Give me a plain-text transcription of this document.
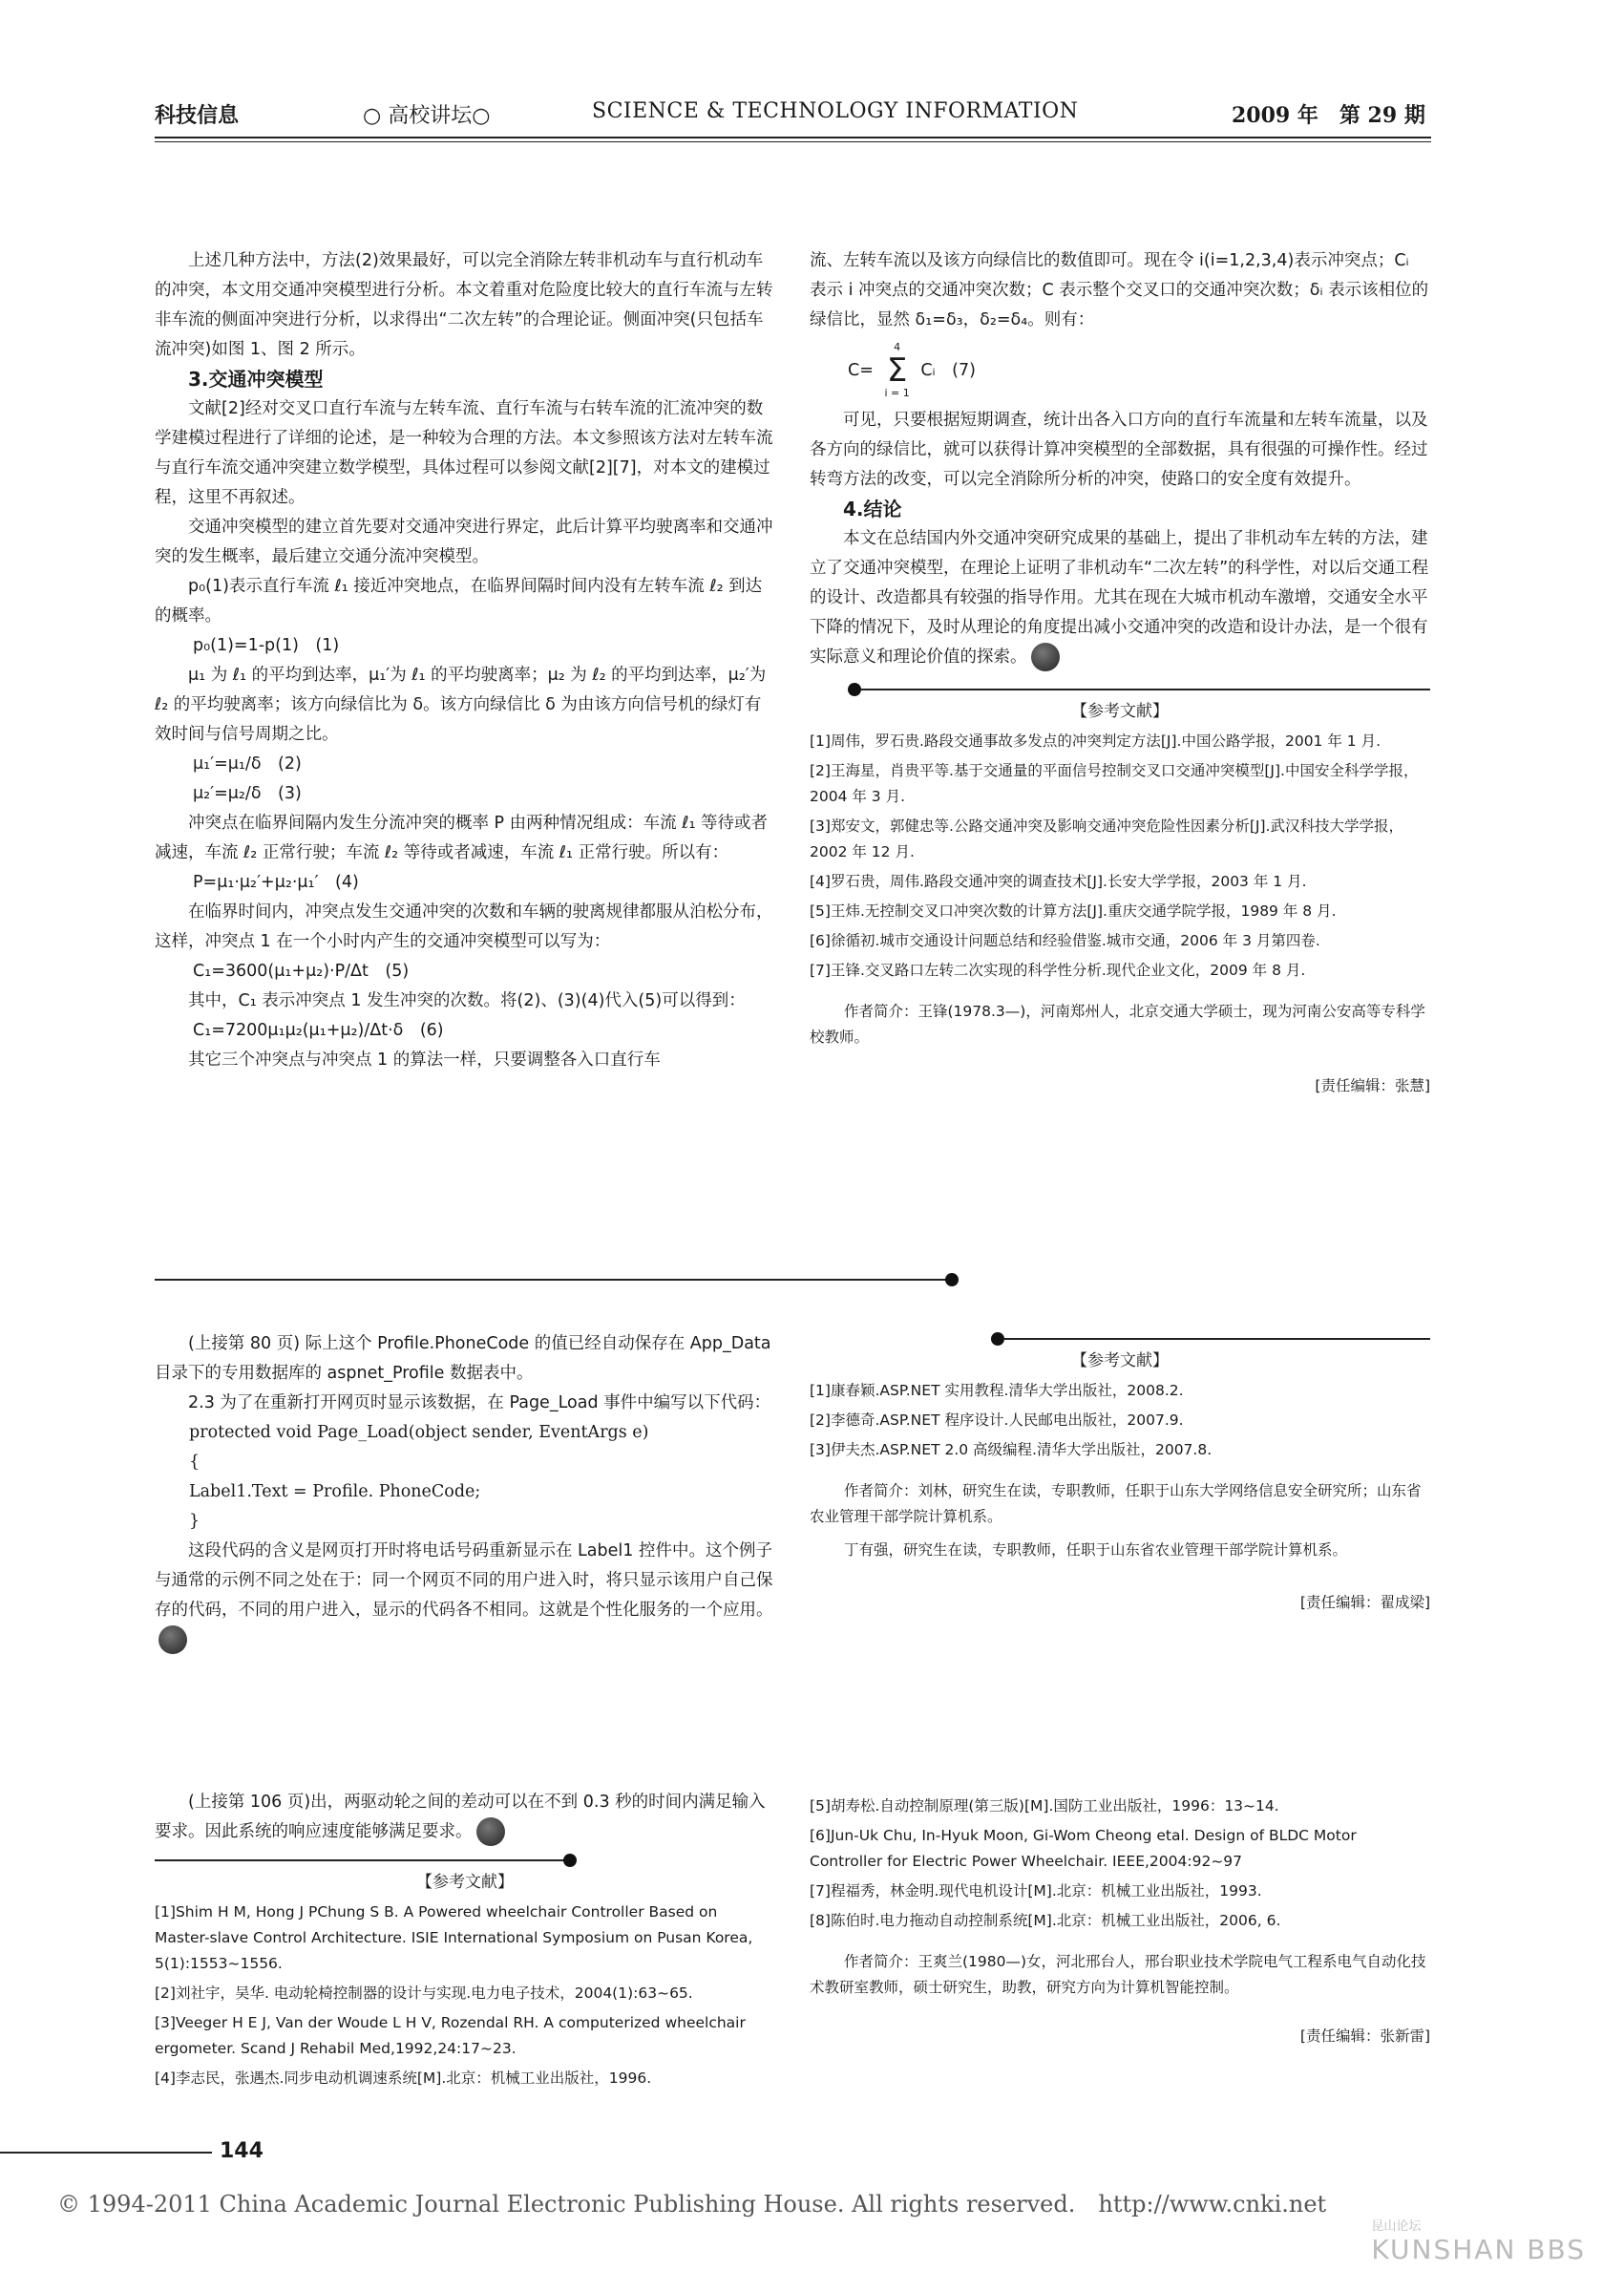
科技信息	○ 高校讲坛○	SCIENCE & TECHNOLOGY INFORMATION	2009 年　第 29 期

上述几种方法中，方法(2)效果最好，可以完全消除左转非机动车与直行机动车的冲突，本文用交通冲突模型进行分析。本文着重对危险度比较大的直行车流与左转非车流的侧面冲突进行分析，以求得出“二次左转”的合理论证。侧面冲突(只包括车流冲突)如图 1、图 2 所示。

3.交通冲突模型

文献[2]经对交叉口直行车流与左转车流、直行车流与右转车流的汇流冲突的数学建模过程进行了详细的论述，是一种较为合理的方法。本文参照该方法对左转车流与直行车流交通冲突建立数学模型，具体过程可以参阅文献[2][7]，对本文的建模过程，这里不再叙述。

交通冲突模型的建立首先要对交通冲突进行界定，此后计算平均驶离率和交通冲突的发生概率，最后建立交通分流冲突模型。

p₀(1)表示直行车流 ℓ₁ 接近冲突地点，在临界间隔时间内没有左转车流 ℓ₂ 到达的概率。

p₀(1)=1-p(1)　(1)

μ₁ 为 ℓ₁ 的平均到达率，μ₁′为 ℓ₁ 的平均驶离率；μ₂ 为 ℓ₂ 的平均到达率，μ₂′为 ℓ₂ 的平均驶离率；该方向绿信比为 δ。该方向绿信比 δ 为由该方向信号机的绿灯有效时间与信号周期之比。

μ₁′=μ₁/δ　(2)

μ₂′=μ₂/δ　(3)

冲突点在临界间隔内发生分流冲突的概率 P 由两种情况组成：车流 ℓ₁ 等待或者减速，车流 ℓ₂ 正常行驶；车流 ℓ₂ 等待或者减速，车流 ℓ₁ 正常行驶。所以有：

P=μ₁·μ₂′+μ₂·μ₁′　(4)

在临界时间内，冲突点发生交通冲突的次数和车辆的驶离规律都服从泊松分布，这样，冲突点 1 在一个小时内产生的交通冲突模型可以写为：

C₁=3600(μ₁+μ₂)·P/Δt　(5)

其中，C₁ 表示冲突点 1 发生冲突的次数。将(2)、(3)(4)代入(5)可以得到：

C₁=7200μ₁μ₂(μ₁+μ₂)/Δt·δ　(6)

其它三个冲突点与冲突点 1 的算法一样，只要调整各入口直行车

流、左转车流以及该方向绿信比的数值即可。现在令 i(i=1,2,3,4)表示冲突点；Cᵢ 表示 i 冲突点的交通冲突次数；C 表示整个交叉口的交通冲突次数；δᵢ 表示该相位的绿信比，显然 δ₁=δ₃，δ₂=δ₄。则有：

C=
4
Σ
i = 1
Cᵢ　(7)

可见，只要根据短期调查，统计出各入口方向的直行车流量和左转车流量，以及各方向的绿信比，就可以获得计算冲突模型的全部数据，具有很强的可操作性。经过转弯方法的改变，可以完全消除所分析的冲突，使路口的安全度有效提升。

4.结论

本文在总结国内外交通冲突研究成果的基础上，提出了非机动车左转的方法，建立了交通冲突模型，在理论上证明了非机动车“二次左转”的科学性，对以后交通工程的设计、改造都具有较强的指导作用。尤其在现在大城市机动车激增，交通安全水平下降的情况下，及时从理论的角度提出减小交通冲突的改造和设计办法，是一个很有实际意义和理论价值的探索。	科

【参考文献】

[1]周伟，罗石贵.路段交通事故多发点的冲突判定方法[J].中国公路学报，2001 年 1 月.

[2]王海星，肖贵平等.基于交通量的平面信号控制交叉口交通冲突模型[J].中国安全科学学报，2004 年 3 月.

[3]郑安文，郭健忠等.公路交通冲突及影响交通冲突危险性因素分析[J].武汉科技大学学报，2002 年 12 月.

[4]罗石贵，周伟.路段交通冲突的调查技术[J].长安大学学报，2003 年 1 月.

[5]王炜.无控制交叉口冲突次数的计算方法[J].重庆交通学院学报，1989 年 8 月.

[6]徐循初.城市交通设计问题总结和经验借鉴.城市交通，2006 年 3 月第四卷.

[7]王锋.交叉路口左转二次实现的科学性分析.现代企业文化，2009 年 8 月.

作者简介：王锋(1978.3—)，河南郑州人，北京交通大学硕士，现为河南公安高等专科学校教师。

[责任编辑：张慧]

(上接第 80 页) 际上这个 Profile.PhoneCode 的值已经自动保存在 App_Data 目录下的专用数据库的 aspnet_Profile 数据表中。

2.3 为了在重新打开网页时显示该数据，在 Page_Load 事件中编写以下代码：

protected void Page_Load(object sender, EventArgs e)

{

Label1.Text = Profile. PhoneCode;

}

这段代码的含义是网页打开时将电话号码重新显示在 Label1 控件中。这个例子与通常的示例不同之处在于：同一个网页不同的用户进入时，将只显示该用户自己保存的代码，不同的用户进入，显示的代码各不相同。这就是个性化服务的一个应用。科

【参考文献】

[1]康春颖.ASP.NET 实用教程.清华大学出版社，2008.2.

[2]李德奇.ASP.NET 程序设计.人民邮电出版社，2007.9.

[3]伊夫杰.ASP.NET 2.0 高级编程.清华大学出版社，2007.8.

作者简介：刘林，研究生在读，专职教师，任职于山东大学网络信息安全研究所；山东省农业管理干部学院计算机系。

丁有强，研究生在读，专职教师，任职于山东省农业管理干部学院计算机系。

[责任编辑：翟成梁]

(上接第 106 页)出，两驱动轮之间的差动可以在不到 0.3 秒的时间内满足输入要求。因此系统的响应速度能够满足要求。	科

【参考文献】

[1]Shim H M, Hong J PChung S B. A Powered wheelchair Controller Based on Master-slave Control Architecture. ISIE International Symposium on Pusan Korea, 5(1):1553~1556.

[2]刘社宇，吴华. 电动轮椅控制器的设计与实现.电力电子技术，2004(1):63~65.

[3]Veeger H E J, Van der Woude L H V, Rozendal RH. A computerized wheelchair ergometer. Scand J Rehabil Med,1992,24:17~23.

[4]李志民，张遇杰.同步电动机调速系统[M].北京：机械工业出版社，1996.

[5]胡寿松.自动控制原理(第三版)[M].国防工业出版社，1996：13~14.

[6]Jun-Uk Chu, In-Hyuk Moon, Gi-Wom Cheong etal. Design of BLDC Motor Controller for Electric Power Wheelchair. IEEE,2004:92~97

[7]程福秀，林金明.现代电机设计[M].北京：机械工业出版社，1993.

[8]陈伯时.电力拖动自动控制系统[M].北京：机械工业出版社，2006, 6.

作者简介：王爽兰(1980—)女，河北邢台人，邢台职业技术学院电气工程系电气自动化技术教研室教师，硕士研究生，助教，研究方向为计算机智能控制。

[责任编辑：张新雷]

144
© 1994-2011 China Academic Journal Electronic Publishing House. All rights reserved.　http://www.cnki.net
昆山论坛
KUNSHAN BBS
